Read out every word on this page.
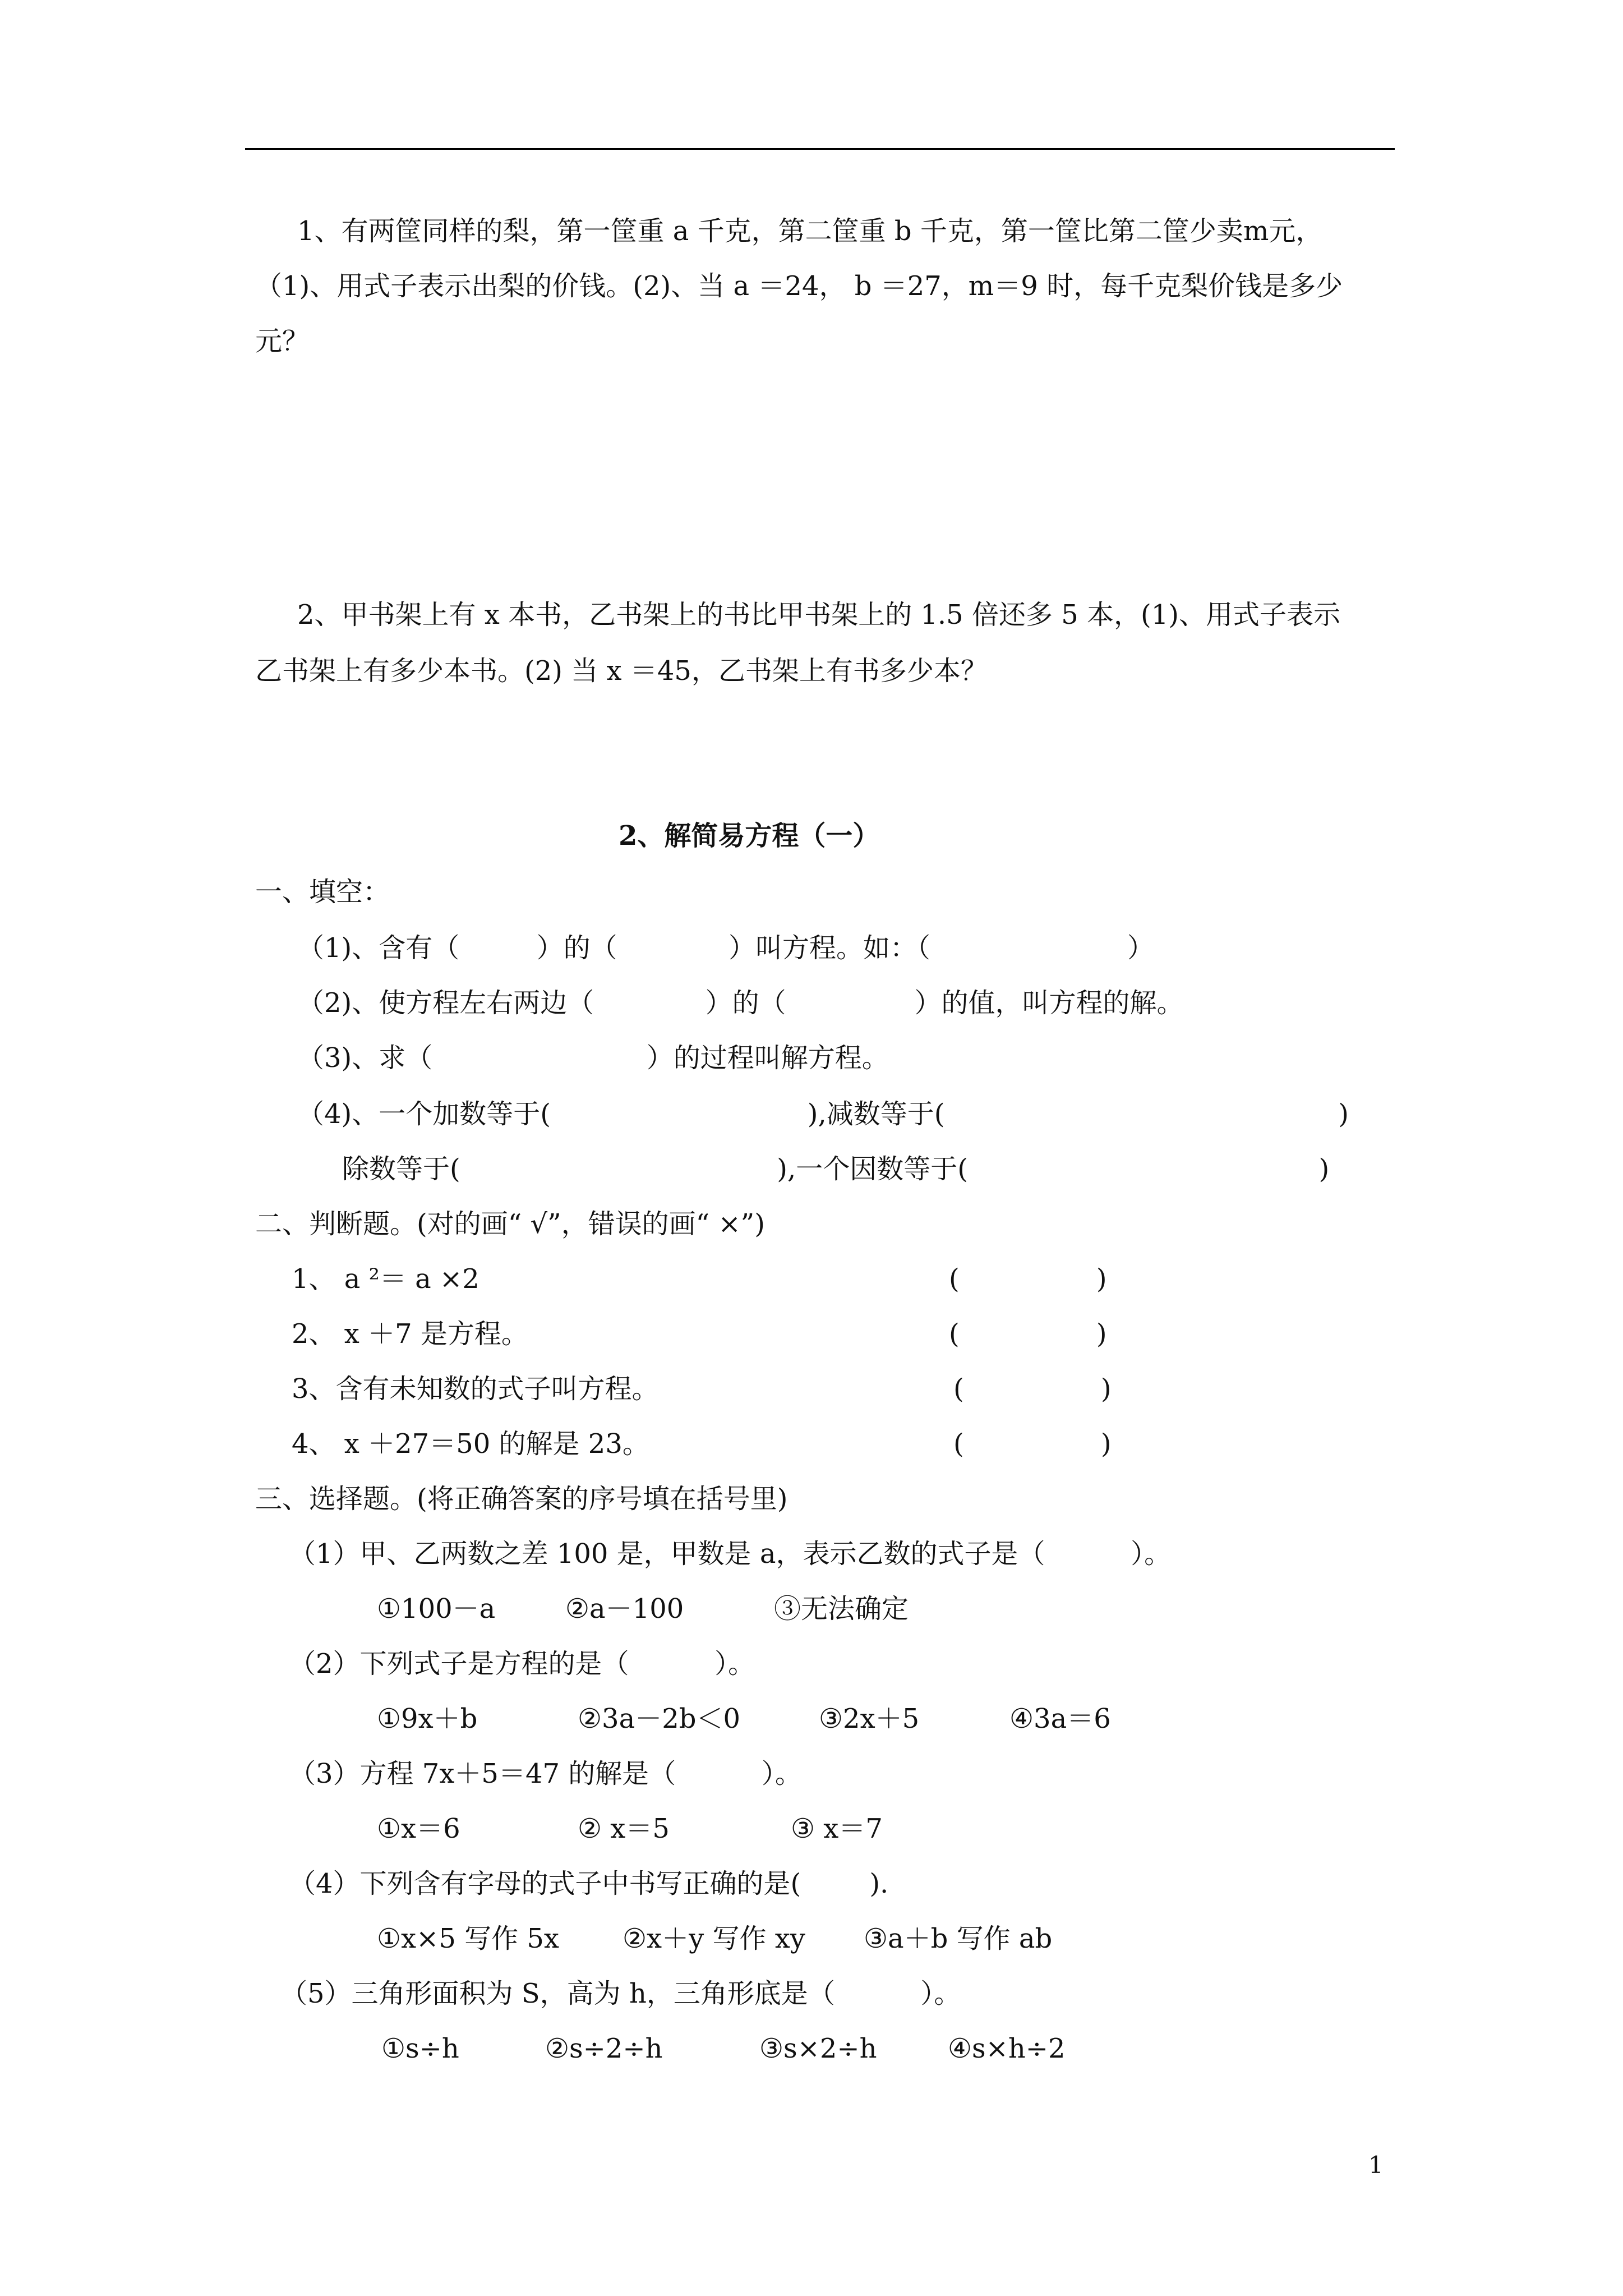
1、有两筐同样的梨，第一筐重 a 千克，第二筐重 b 千克，第一筐比第二筐少卖m元，
（1)、用式子表示出梨的价钱。(2)、当 a ＝24， b ＝27，m＝9 时，每千克梨价钱是多少
元？
2、甲书架上有 x 本书，乙书架上的书比甲书架上的 1.5 倍还多 5 本，(1)、用式子表示
乙书架上有多少本书。(2) 当 x ＝45，乙书架上有书多少本？
2、解简易方程（一）
一、填空：
（1)、含有（         ）的（             ）叫方程。如：（                       ）
（2)、使方程左右两边（             ）的（               ）的值，叫方程的解。
（3)、求（                         ）的过程叫解方程。
（4)、一个加数等于(                              ),减数等于(                                              )
除数等于(                                     ),一个因数等于(                                         )
二、判断题。(对的画“ √”，错误的画“ ×”)
1、 a ²＝ a ×2	(                )
2、 x ＋7 是方程。	(                )
3、含有未知数的式子叫方程。	(                )
4、 x ＋27＝50 的解是 23。	(                )
三、选择题。(将正确答案的序号填在括号里)
（1）甲、乙两数之差 100 是，甲数是 a，表示乙数的式子是（          ）。
①100－a	②a－100	③无法确定
（2）下列式子是方程的是（          ）。
①9x＋b	②3a－2b＜0	③2x＋5	④3a＝6
（3）方程 7x＋5＝47 的解是（          ）。
①x＝6	② x＝5	③ x＝7
（4）下列含有字母的式子中书写正确的是(        ).
①x×5 写作 5x ②x＋y 写作 xy ③a＋b 写作 ab
（5）三角形面积为 S，高为 h，三角形底是（          ）。
①s÷h	②s÷2÷h	③s×2÷h	④s×h÷2
1
